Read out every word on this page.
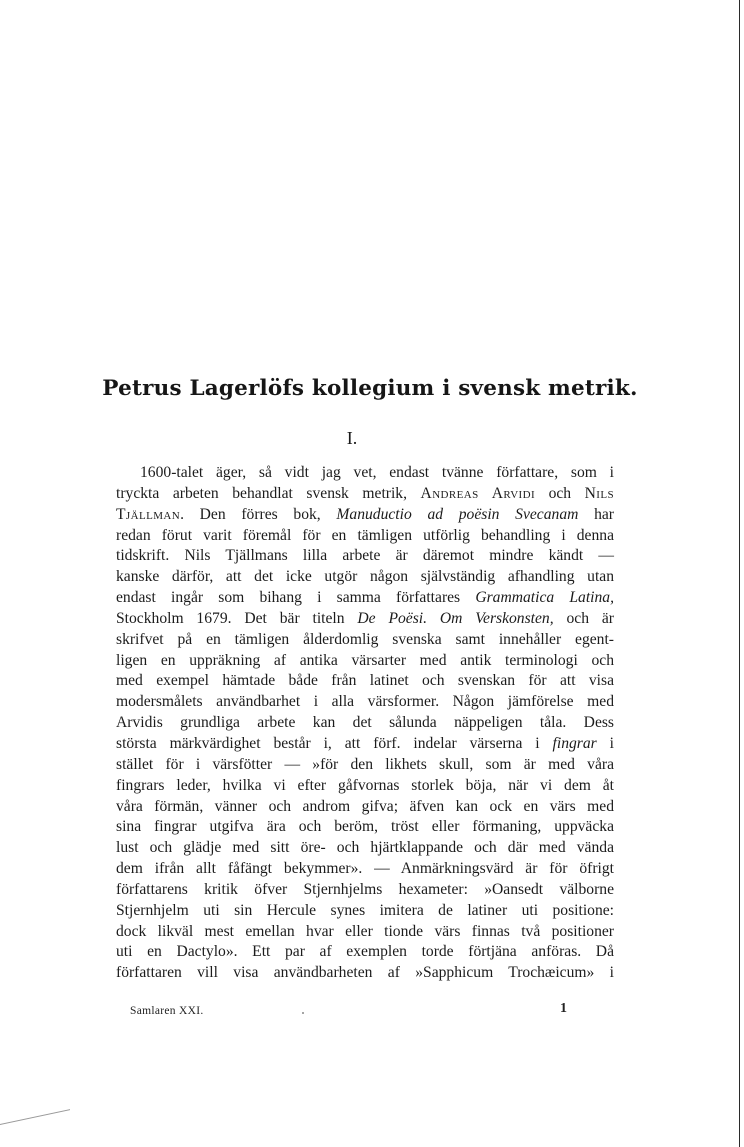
Petrus Lagerlöfs kollegium i svensk metrik.
I.
1600-talet äger, så vidt jag vet, endast tvänne författare, som i
tryckta arbeten behandlat svensk metrik, Andreas Arvidi och Nils
Tjällman. Den förres bok, Manuductio ad poësin Svecanam har
redan förut varit föremål för en tämligen utförlig behandling i denna
tidskrift. Nils Tjällmans lilla arbete är däremot mindre kändt —
kanske därför, att det icke utgör någon självständig afhandling utan
endast ingår som bihang i samma författares Grammatica Latina,
Stockholm 1679. Det bär titeln De Poësi. Om Verskonsten, och är
skrifvet på en tämligen ålderdomlig svenska samt innehåller egent-
ligen en uppräkning af antika värsarter med antik terminologi och
med exempel hämtade både från latinet och svenskan för att visa
modersmålets användbarhet i alla värsformer. Någon jämförelse med
Arvidis grundliga arbete kan det sålunda näppeligen tåla. Dess
största märkvärdighet består i, att förf. indelar värserna i fingrar i
stället för i värsfötter — »för den likhets skull, som är med våra
fingrars leder, hvilka vi efter gåfvornas storlek böja, när vi dem åt
våra förmän, vänner och androm gifva; äfven kan ock en värs med
sina fingrar utgifva ära och beröm, tröst eller förmaning, uppväcka
lust och glädje med sitt öre- och hjärtklappande och där med vända
dem ifrån allt fåfängt bekymmer». — Anmärkningsvärd är för öfrigt
författarens kritik öfver Stjernhjelms hexameter: »Oansedt välborne
Stjernhjelm uti sin Hercule synes imitera de latiner uti positione:
dock likväl mest emellan hvar eller tionde värs finnas två positioner
uti en Dactylo». Ett par af exemplen torde förtjäna anföras. Då
författaren vill visa användbarheten af »Sapphicum Trochæicum» i
Samlaren XXI.	1
